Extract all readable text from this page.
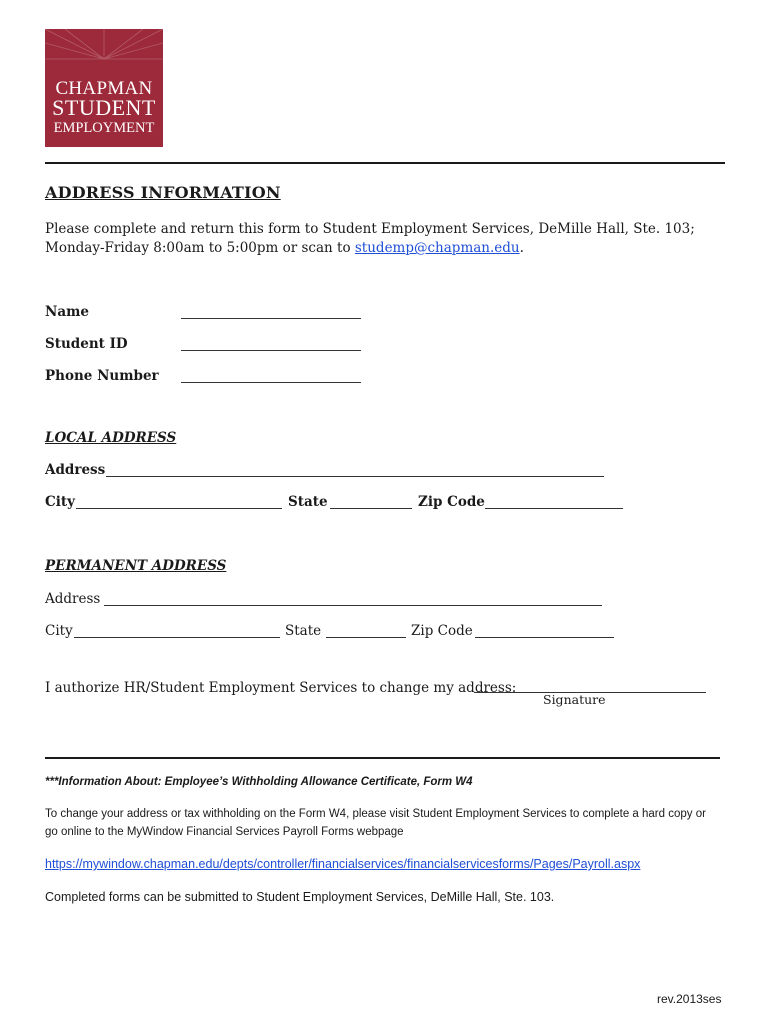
CHAPMAN
STUDENT
EMPLOYMENT
ADDRESS INFORMATION
Please complete and return this form to Student Employment Services, DeMille Hall, Ste. 103;
Monday-Friday 8:00am to 5:00pm or scan to studemp@chapman.edu.
Name
Student ID
Phone Number
LOCAL ADDRESS
Address
City	State	Zip Code
PERMANENT ADDRESS
Address
City	State	Zip Code
I authorize HR/Student Employment Services to change my address:
Signature
***Information About: Employee’s Withholding Allowance Certificate, Form W4
To change your address or tax withholding on the Form W4, please visit Student Employment Services to complete a hard copy or
go online to the MyWindow Financial Services Payroll Forms webpage
https://mywindow.chapman.edu/depts/controller/financialservices/financialservicesforms/Pages/Payroll.aspx
Completed forms can be submitted to Student Employment Services, DeMille Hall, Ste. 103.
rev.2013ses
